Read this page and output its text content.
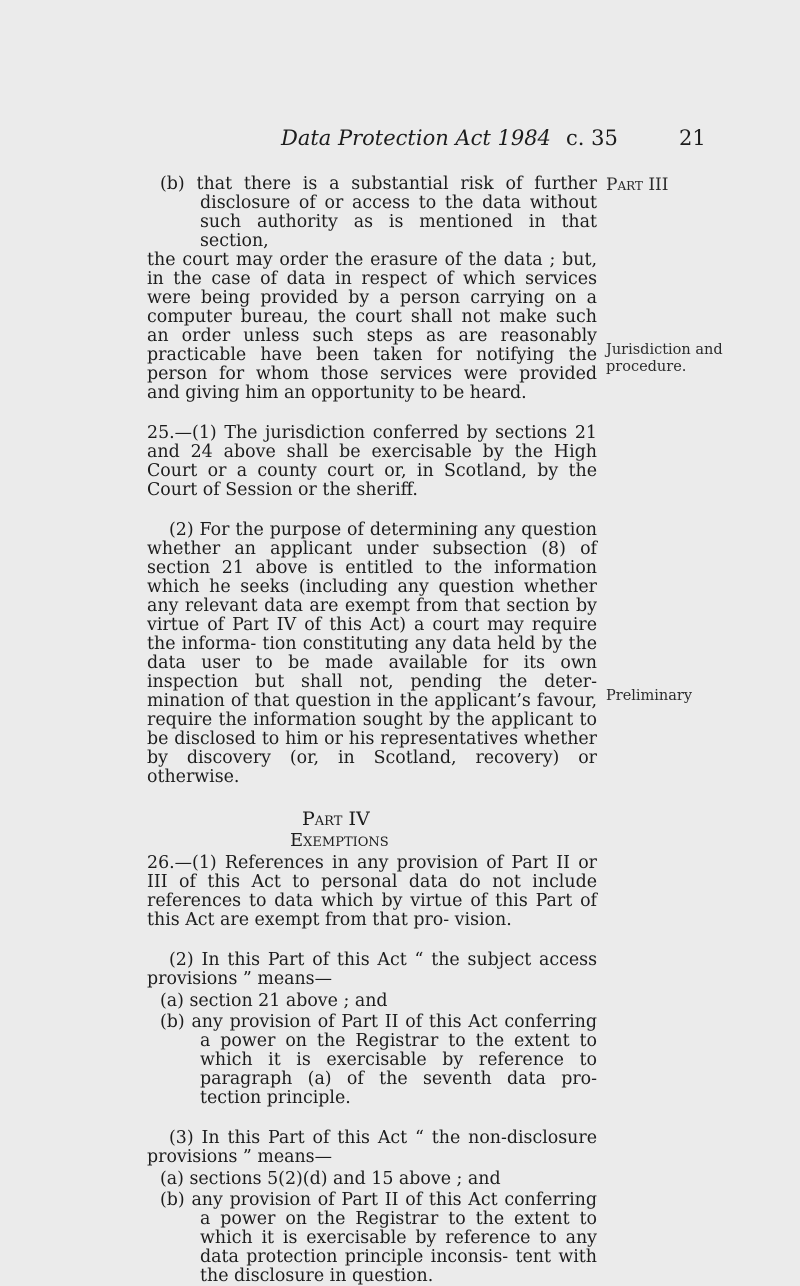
Data Protection Act 1984 c. 35	21
Part III
Jurisdiction and procedure.
Preliminary

(b) that there is a substantial risk of further disclosure of or access to the data without such authority as is mentioned in that section,

the court may order the erasure of the data ; but, in the case of data in respect of which services were being provided by a person carrying on a computer bureau, the court shall not make such an order unless such steps as are reasonably practicable have been taken for notifying the person for whom those services were provided and giving him an opportunity to be heard.

25.—(1) The jurisdiction conferred by sections 21 and 24 above shall be exercisable by the High Court or a county court or, in Scotland, by the Court of Session or the sheriff.

(2) For the purpose of determining any question whether an applicant under subsection (8) of section 21 above is entitled to the information which he seeks (including any question whether any relevant data are exempt from that section by virtue of Part IV of this Act) a court may require the informa- tion constituting any data held by the data user to be made available for its own inspection but shall not, pending the deter- mination of that question in the applicant’s favour, require the information sought by the applicant to be disclosed to him or his representatives whether by discovery (or, in Scotland, recovery) or otherwise.

Part IV
Exemptions

26.—(1) References in any provision of Part II or III of this Act to personal data do not include references to data which by virtue of this Part of this Act are exempt from that pro- vision.

(2) In this Part of this Act “ the subject access provisions ” means—

(a) section 21 above ; and

(b) any provision of Part II of this Act conferring a power on the Registrar to the extent to which it is exercisable by reference to paragraph (a) of the seventh data pro- tection principle.

(3) In this Part of this Act “ the non-disclosure provisions ” means—

(a) sections 5(2)(d) and 15 above ; and

(b) any provision of Part II of this Act conferring a power on the Registrar to the extent to which it is exercisable by reference to any data protection principle inconsis- tent with the disclosure in question.
